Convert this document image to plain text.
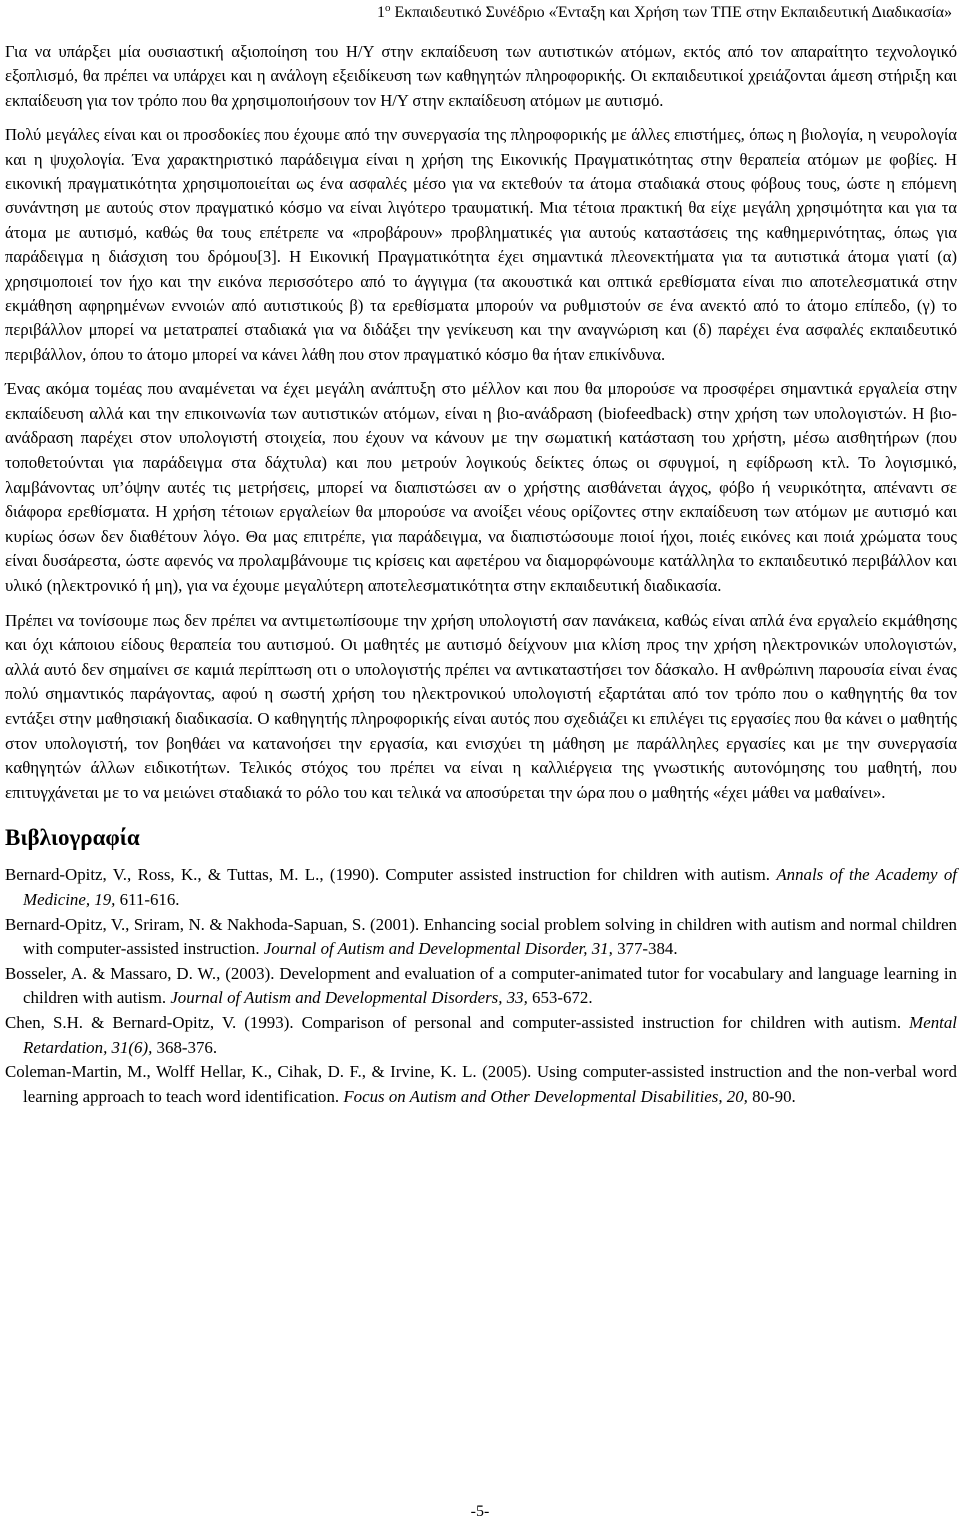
$1^o$ Εκπαιδευτικό Συνέδριο «Ένταξη και Χρήση των ΤΠΕ στην Εκπαιδευτική Διαδικασία»

Για να υπάρξει μία ουσιαστική αξιοποίηση του Η/Υ στην εκπαίδευση των αυτιστικών ατόμων, εκτός από τον απαραίτητο τεχνολογικό εξοπλισμό, θα πρέπει να υπάρχει και η ανάλογη εξειδίκευση των καθηγητών πληροφορικής. Οι εκπαιδευτικοί χρειάζονται άμεση στήριξη και εκπαίδευση για τον τρόπο που θα χρησιμοποιήσουν τον Η/Υ στην εκπαίδευση ατόμων με αυτισμό.

Πολύ μεγάλες είναι και οι προσδοκίες που έχουμε από την συνεργασία της πληροφορικής με άλλες επιστήμες, όπως η βιολογία, η νευρολογία και η ψυχολογία. Ένα χαρακτηριστικό παράδειγμα είναι η χρήση της Εικονικής Πραγματικότητας στην θεραπεία ατόμων με φοβίες. Η εικονική πραγματικότητα χρησιμοποιείται ως ένα ασφαλές μέσο για να εκτεθούν τα άτομα σταδιακά στους φόβους τους, ώστε η επόμενη συνάντηση με αυτούς στον πραγματικό κόσμο να είναι λιγότερο τραυματική. Μια τέτοια πρακτική θα είχε μεγάλη χρησιμότητα και για τα άτομα με αυτισμό, καθώς θα τους επέτρεπε να «προβάρουν» προβληματικές για αυτούς καταστάσεις της καθημερινότητας, όπως για παράδειγμα η διάσχιση του δρόμου[3]. Η Εικονική Πραγματικότητα έχει σημαντικά πλεονεκτήματα για τα αυτιστικά άτομα γιατί (α) χρησιμοποιεί τον ήχο και την εικόνα περισσότερο από το άγγιγμα (τα ακουστικά και οπτικά ερεθίσματα είναι πιο αποτελεσματικά στην εκμάθηση αφηρημένων εννοιών από αυτιστικούς β) τα ερεθίσματα μπορούν να ρυθμιστούν σε ένα ανεκτό από το άτομο επίπεδο, (γ) το περιβάλλον μπορεί να μετατραπεί σταδιακά για να διδάξει την γενίκευση και την αναγνώριση και (δ) παρέχει ένα ασφαλές εκπαιδευτικό περιβάλλον, όπου το άτομο μπορεί να κάνει λάθη που στον πραγματικό κόσμο θα ήταν επικίνδυνα.

Ένας ακόμα τομέας που αναμένεται να έχει μεγάλη ανάπτυξη στο μέλλον και που θα μπορούσε να προσφέρει σημαντικά εργαλεία στην εκπαίδευση αλλά και την επικοινωνία των αυτιστικών ατόμων, είναι η βιο-ανάδραση (biofeedback) στην χρήση των υπολογιστών. Η βιο-ανάδραση παρέχει στον υπολογιστή στοιχεία, που έχουν να κάνουν με την σωματική κατάσταση του χρήστη, μέσω αισθητήρων (που τοποθετούνται για παράδειγμα στα δάχτυλα) και που μετρούν λογικούς δείκτες όπως οι σφυγμοί, η εφίδρωση κτλ. Το λογισμικό, λαμβάνοντας υπ’όψην αυτές τις μετρήσεις, μπορεί να διαπιστώσει αν ο χρήστης αισθάνεται άγχος, φόβο ή νευρικότητα, απέναντι σε διάφορα ερεθίσματα. Η χρήση τέτοιων εργαλείων θα μπορούσε να ανοίξει νέους ορίζοντες στην εκπαίδευση των ατόμων με αυτισμό και κυρίως όσων δεν διαθέτουν λόγο. Θα μας επιτρέπε, για παράδειγμα, να διαπιστώσουμε ποιοί ήχοι, ποιές εικόνες και ποιά χρώματα τους είναι δυσάρεστα, ώστε αφενός να προλαμβάνουμε τις κρίσεις και αφετέρου να διαμορφώνουμε κατάλληλα το εκπαιδευτικό περιβάλλον και υλικό (ηλεκτρονικό ή μη), για να έχουμε μεγαλύτερη αποτελεσματικότητα στην εκπαιδευτική διαδικασία.

Πρέπει να τονίσουμε πως δεν πρέπει να αντιμετωπίσουμε την χρήση υπολογιστή σαν πανάκεια, καθώς είναι απλά ένα εργαλείο εκμάθησης και όχι κάποιου είδους θεραπεία του αυτισμού. Οι μαθητές με αυτισμό δείχνουν μια κλίση προς την χρήση ηλεκτρονικών υπολογιστών, αλλά αυτό δεν σημαίνει σε καμιά περίπτωση οτι ο υπολογιστής πρέπει να αντικαταστήσει τον δάσκαλο. Η ανθρώπινη παρουσία είναι ένας πολύ σημαντικός παράγοντας, αφού η σωστή χρήση του ηλεκτρονικού υπολογιστή εξαρτάται από τον τρόπο που ο καθηγητής θα τον εντάξει στην μαθησιακή διαδικασία. Ο καθηγητής πληροφορικής είναι αυτός που σχεδιάζει κι επιλέγει τις εργασίες που θα κάνει ο μαθητής στον υπολογιστή, τον βοηθάει να κατανοήσει την εργασία, και ενισχύει τη μάθηση με παράλληλες εργασίες και με την συνεργασία καθηγητών άλλων ειδικοτήτων. Τελικός στόχος του πρέπει να είναι η καλλιέργεια της γνωστικής αυτονόμησης του μαθητή, που επιτυγχάνεται με το να μειώνει σταδιακά το ρόλο του και τελικά να αποσύρεται την ώρα που ο μαθητής «έχει μάθει να μαθαίνει».

Βιβλιογραφία

Bernard-Opitz, V., Ross, K., & Tuttas, M. L., (1990). Computer assisted instruction for children with autism. Annals of the Academy of Medicine, 19, 611-616.

Bernard-Opitz, V., Sriram, N. & Nakhoda-Sapuan, S. (2001). Enhancing social problem solving in children with autism and normal children with computer-assisted instruction. Journal of Autism and Developmental Disorder, 31, 377-384.

Bosseler, A. & Massaro, D. W., (2003). Development and evaluation of a computer-animated tutor for vocabulary and language learning in children with autism. Journal of Autism and Developmental Disorders, 33, 653-672.

Chen, S.H. & Bernard-Opitz, V. (1993). Comparison of personal and computer-assisted instruction for children with autism. Mental Retardation, 31(6), 368-376.

Coleman-Martin, M., Wolff Hellar, K., Cihak, D. F., & Irvine, K. L. (2005). Using computer-assisted instruction and the non-verbal word learning approach to teach word identification. Focus on Autism and Other Developmental Disabilities, 20, 80-90.

-5-
